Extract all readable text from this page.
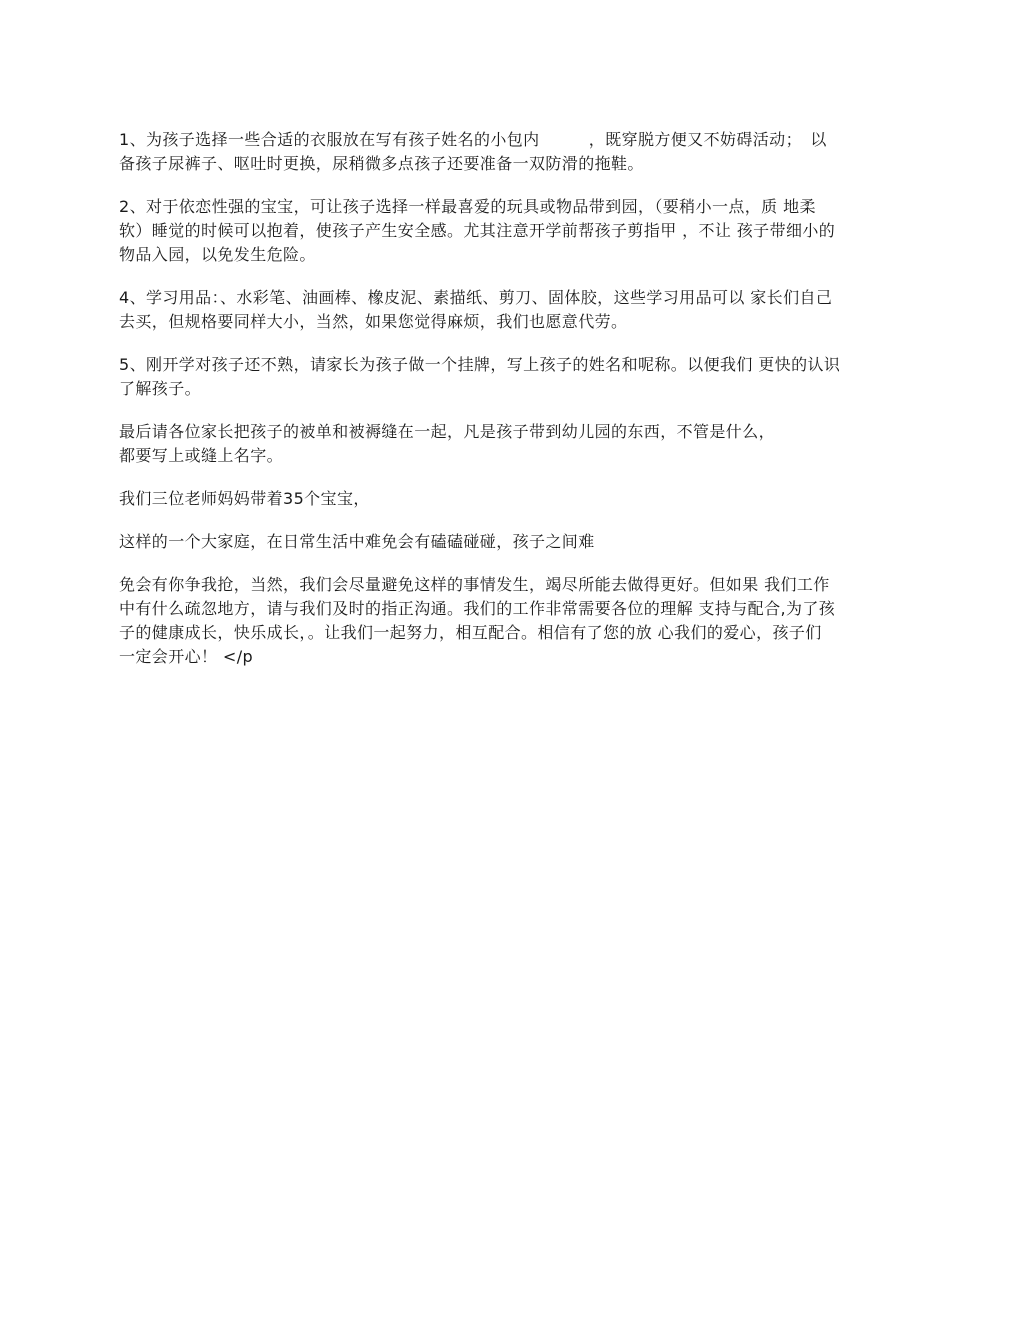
1、为孩子选择一些合适的衣服放在写有孩子姓名的小包内　　　，既穿脱方便又不妨碍活动；　以
备孩子尿裤子、呕吐时更换，尿稍微多点孩子还要准备一双防滑的拖鞋。

2、对于依恋性强的宝宝，可让孩子选择一样最喜爱的玩具或物品带到园，（要稍小一点，质 地柔
软）睡觉的时候可以抱着，使孩子产生安全感。尤其注意开学前帮孩子剪指甲 ，不让 孩子带细小的
物品入园，以免发生危险。

4、学习用品：、水彩笔、油画棒、橡皮泥、素描纸、剪刀、固体胶，这些学习用品可以 家长们自己
去买，但规格要同样大小，当然，如果您觉得麻烦，我们也愿意代劳。

5、刚开学对孩子还不熟，请家长为孩子做一个挂牌，写上孩子的姓名和呢称。以便我们 更快的认识
了解孩子。

最后请各位家长把孩子的被单和被褥缝在一起，凡是孩子带到幼儿园的东西，不管是什么，
都要写上或缝上名字。

我们三位老师妈妈带着35个宝宝，

这样的一个大家庭，在日常生活中难免会有磕磕碰碰，孩子之间难

免会有你争我抢，当然，我们会尽量避免这样的事情发生，竭尽所能去做得更好。但如果 我们工作
中有什么疏忽地方，请与我们及时的指正沟通。我们的工作非常需要各位的理解 支持与配合,为了孩
子的健康成长，快乐成长，。让我们一起努力，相互配合。相信有了您的放 心我们的爱心，孩子们
一定会开心！ </p
